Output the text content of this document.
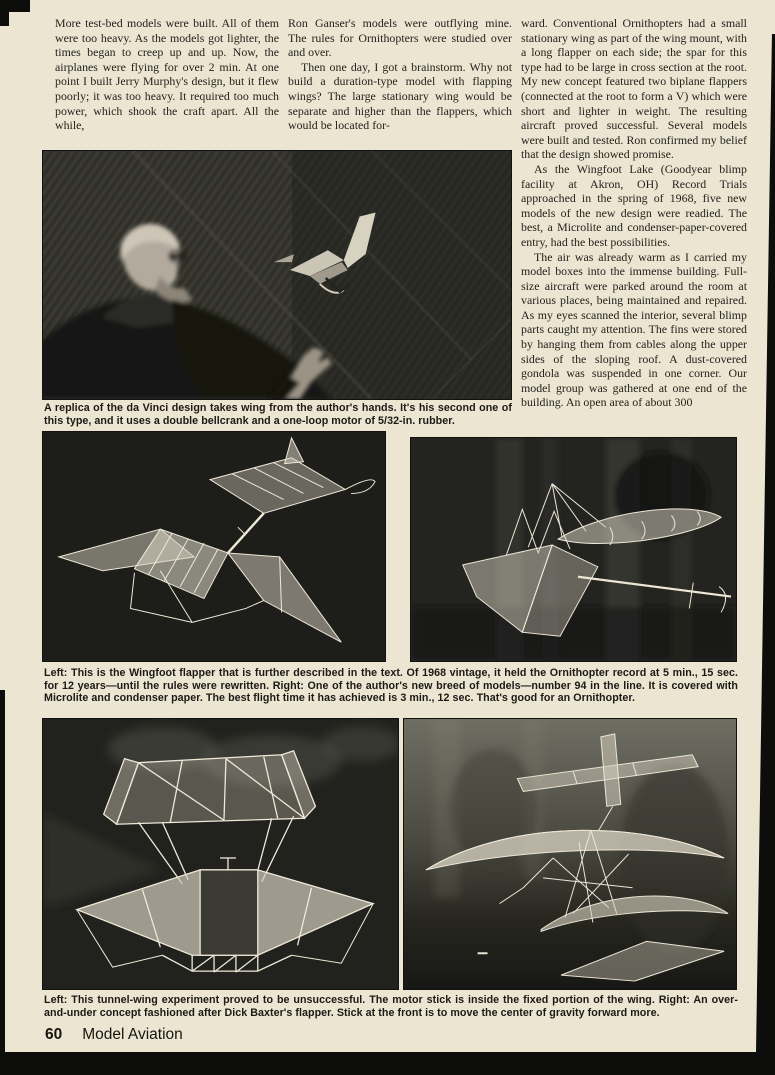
More test-bed models were built. All of them were too heavy. As the models got lighter, the times began to creep up and up. Now, the airplanes were flying for over 2 min. At one point I built Jerry Murphy's design, but it flew poorly; it was too heavy. It required too much power, which shook the craft apart. All the while,

Ron Ganser's models were outflying mine. The rules for Ornithopters were studied over and over.

Then one day, I got a brainstorm. Why not build a duration-type model with flapping wings? The large stationary wing would be separate and higher than the flappers, which would be located for-

ward. Conventional Ornithopters had a small stationary wing as part of the wing mount, with a long flapper on each side; the spar for this type had to be large in cross section at the root. My new concept featured two biplane flappers (connected at the root to form a V) which were short and lighter in weight. The resulting aircraft proved successful. Several models were built and tested. Ron confirmed my belief that the design showed promise.

As the Wingfoot Lake (Goodyear blimp facility at Akron, OH) Record Trials approached in the spring of 1968, five new models of the new design were readied. The best, a Microlite and condenser-paper-covered entry, had the best possibilities.

The air was already warm as I carried my model boxes into the immense building. Full-size aircraft were parked around the room at various places, being maintained and repaired. As my eyes scanned the interior, several blimp parts caught my attention. The fins were stored by hanging them from cables along the upper sides of the sloping roof. A dust-covered gondola was suspended in one corner. Our model group was gathered at one end of the building. An open area of about 300

A replica of the da Vinci design takes wing from the author's hands. It's his second one of this type, and it uses a double bellcrank and a one-loop motor of 5/32-in. rubber.
Left: This is the Wingfoot flapper that is further described in the text. Of 1968 vintage, it held the Ornithopter record at 5 min., 15 sec. for 12 years—until the rules were rewritten. Right: One of the author's new breed of models—number 94 in the line. It is covered with Microlite and condenser paper. The best flight time it has achieved is 3 min., 12 sec. That's good for an Ornithopter.
Left: This tunnel-wing experiment proved to be unsuccessful. The motor stick is inside the fixed portion of the wing. Right: An over-and-under concept fashioned after Dick Baxter's flapper. Stick at the front is to move the center of gravity forward more.
60 Model Aviation
